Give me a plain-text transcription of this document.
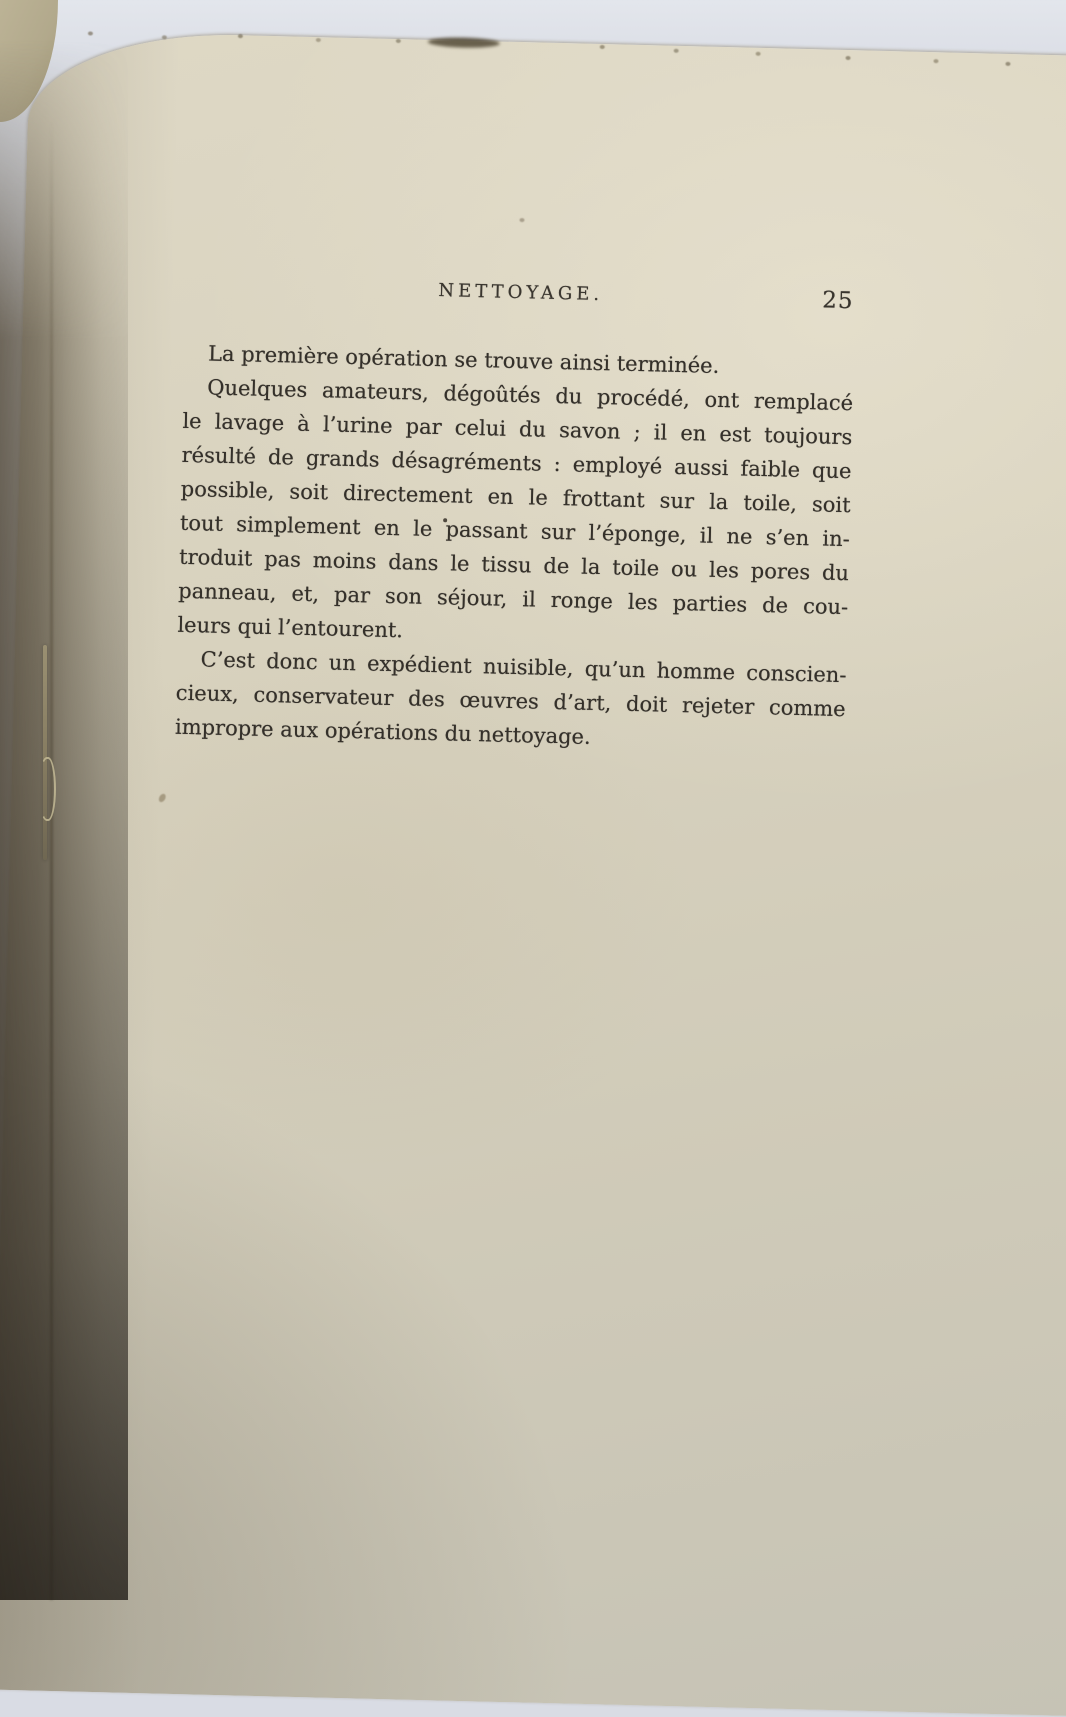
NETTOYAGE.	25
La première opération se trouve ainsi terminée.
Quelques amateurs, dégoûtés du procédé, ont remplacé
le lavage à l’urine par celui du savon ; il en est toujours
résulté de grands désagréments : employé aussi faible que
possible, soit directement en le frottant sur la toile, soit
tout simplement en le passant sur l’éponge, il ne s’en in-
troduit pas moins dans le tissu de la toile ou les pores du
panneau, et, par son séjour, il ronge les parties de cou-
leurs qui l’entourent.
C’est donc un expédient nuisible, qu’un homme conscien-
cieux, conservateur des œuvres d’art, doit rejeter comme
impropre aux opérations du nettoyage.
